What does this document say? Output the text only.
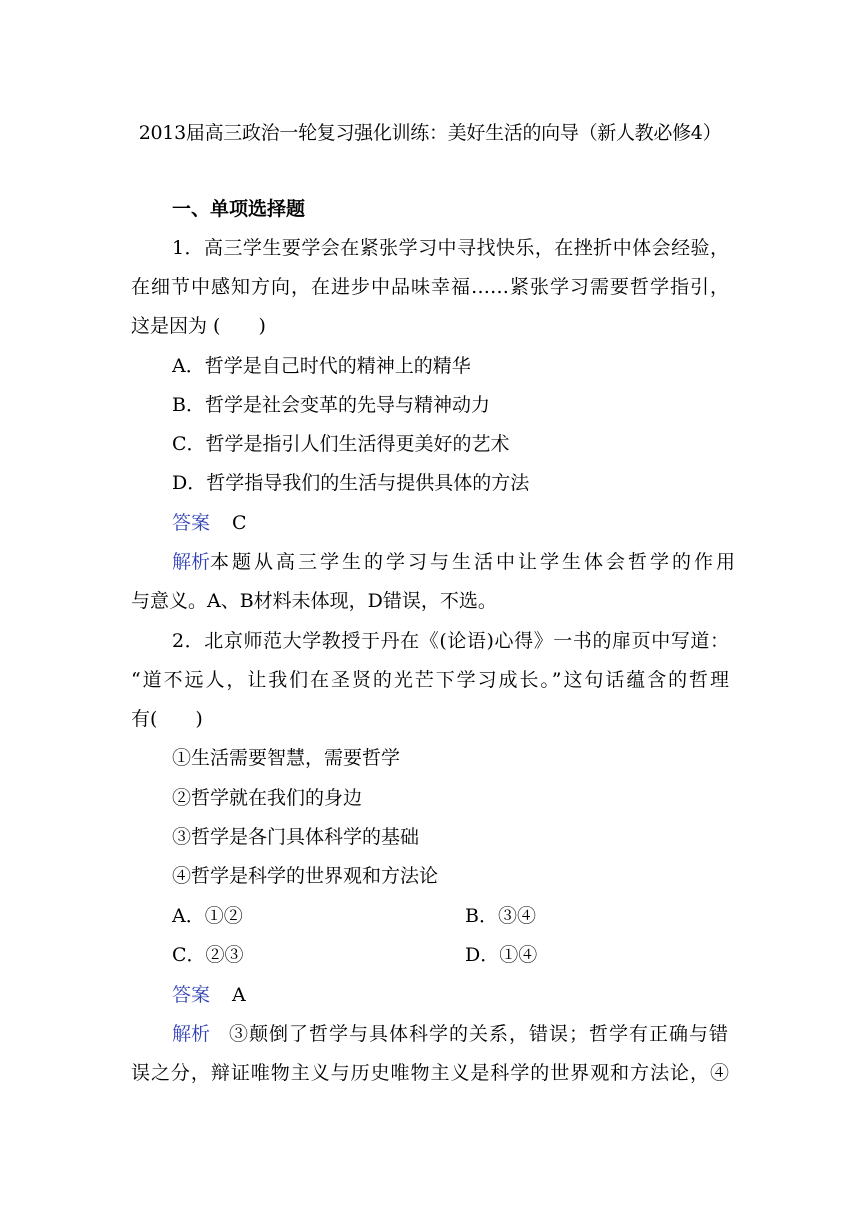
2013届高三政治一轮复习强化训练：美好生活的向导（新人教必修4）
一、单项选择题
1．高三学生要学会在紧张学习中寻找快乐，在挫折中体会经验，
在细节中感知方向，在进步中品味幸福……紧张学习需要哲学指引，
这是因为 (　　)
A．哲学是自己时代的精神上的精华
B．哲学是社会变革的先导与精神动力
C．哲学是指引人们生活得更美好的艺术
D．哲学指导我们的生活与提供具体的方法
答案 C
解析 本题从高三学生的学习与生活中让学生体会哲学的作用
与意义。A、B材料未体现，D错误，不选。
2．北京师范大学教授于丹在《(论语)心得》一书的扉页中写道：
“道不远人，让我们在圣贤的光芒下学习成长。”这句话蕴含的哲理
有(　　)
①生活需要智慧，需要哲学
②哲学就在我们的身边
③哲学是各门具体科学的基础
④哲学是科学的世界观和方法论
A．①②	B．③④
C．②③	D．①④
答案 A
解析 ③颠倒了哲学与具体科学的关系，错误；哲学有正确与错
误之分，辩证唯物主义与历史唯物主义是科学的世界观和方法论，④
